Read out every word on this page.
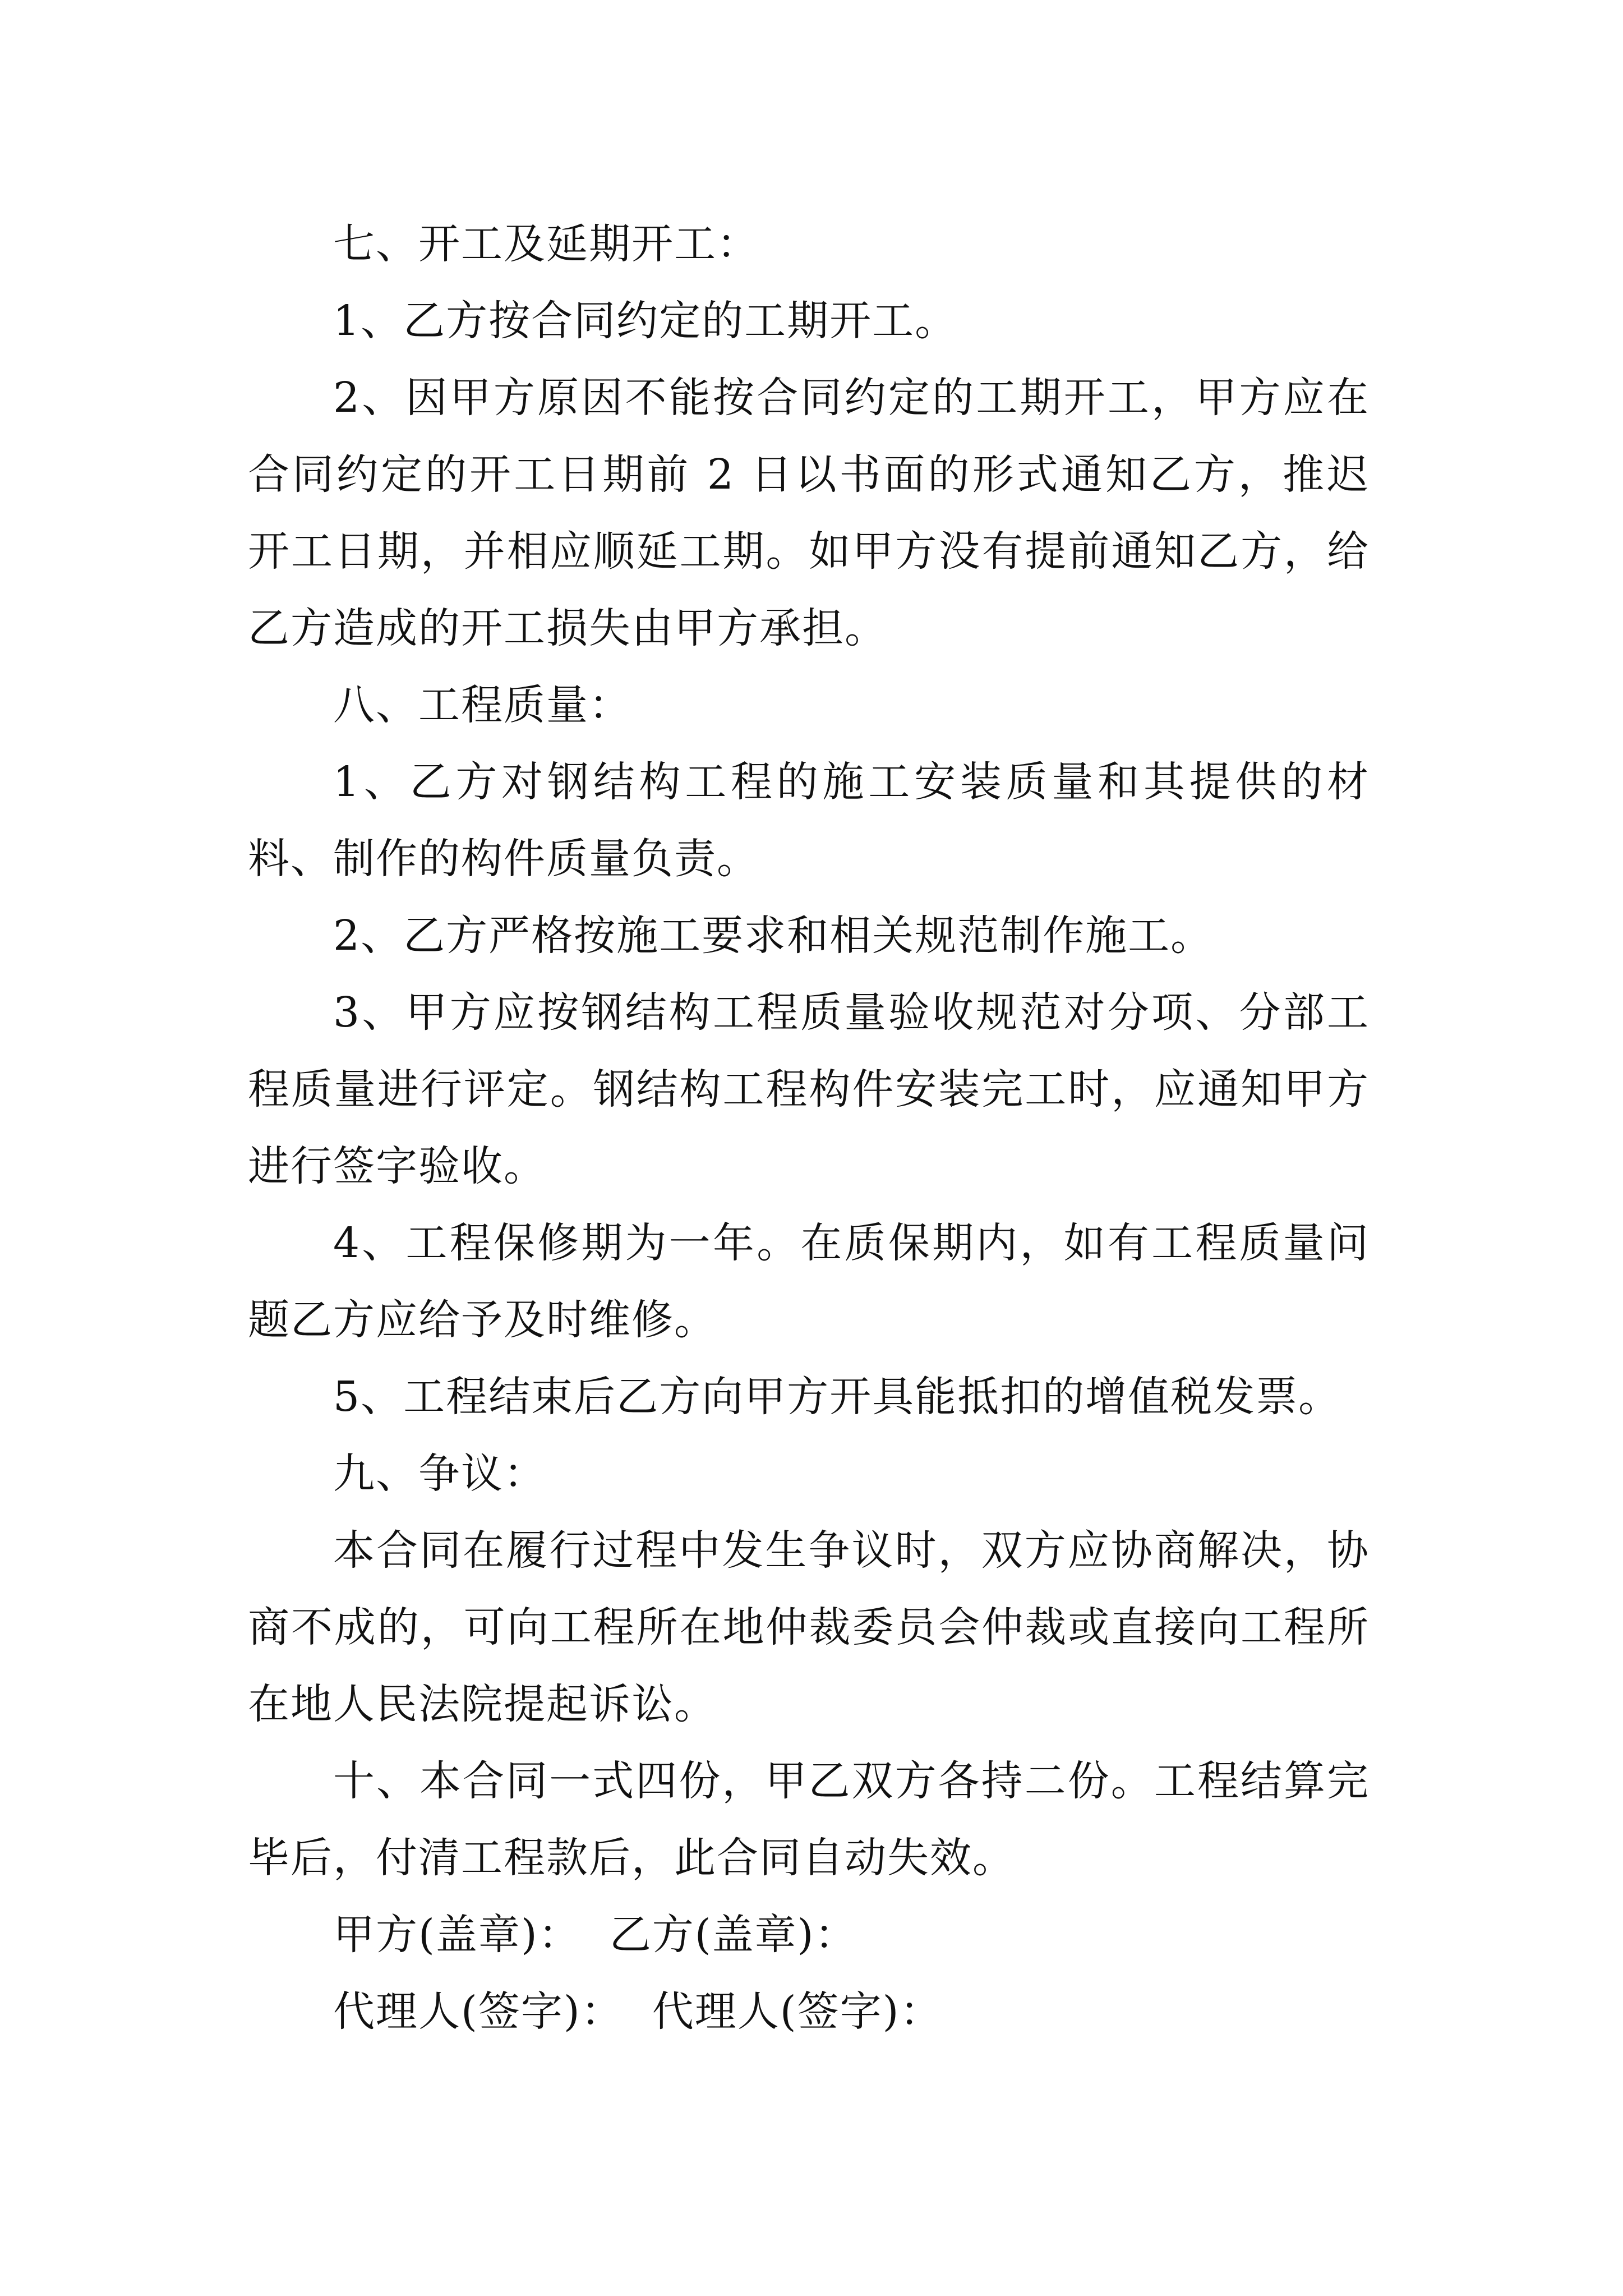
七、开工及延期开工：

1、乙方按合同约定的工期开工。

2、因甲方原因不能按合同约定的工期开工，甲方应在合同约定的开工日期前 2 日以书面的形式通知乙方，推迟开工日期，并相应顺延工期。如甲方没有提前通知乙方，给乙方造成的开工损失由甲方承担。

八、工程质量：

1、乙方对钢结构工程的施工安装质量和其提供的材料、制作的构件质量负责。

2、乙方严格按施工要求和相关规范制作施工。

3、甲方应按钢结构工程质量验收规范对分项、分部工程质量进行评定。钢结构工程构件安装完工时，应通知甲方进行签字验收。

4、工程保修期为一年。在质保期内，如有工程质量问题乙方应给予及时维修。

5、工程结束后乙方向甲方开具能抵扣的增值税发票。

九、争议：

本合同在履行过程中发生争议时，双方应协商解决，协商不成的，可向工程所在地仲裁委员会仲裁或直接向工程所在地人民法院提起诉讼。

十、本合同一式四份，甲乙双方各持二份。工程结算完毕后，付清工程款后，此合同自动失效。

甲方(盖章)： 乙方(盖章)：

代理人(签字)： 代理人(签字)：
